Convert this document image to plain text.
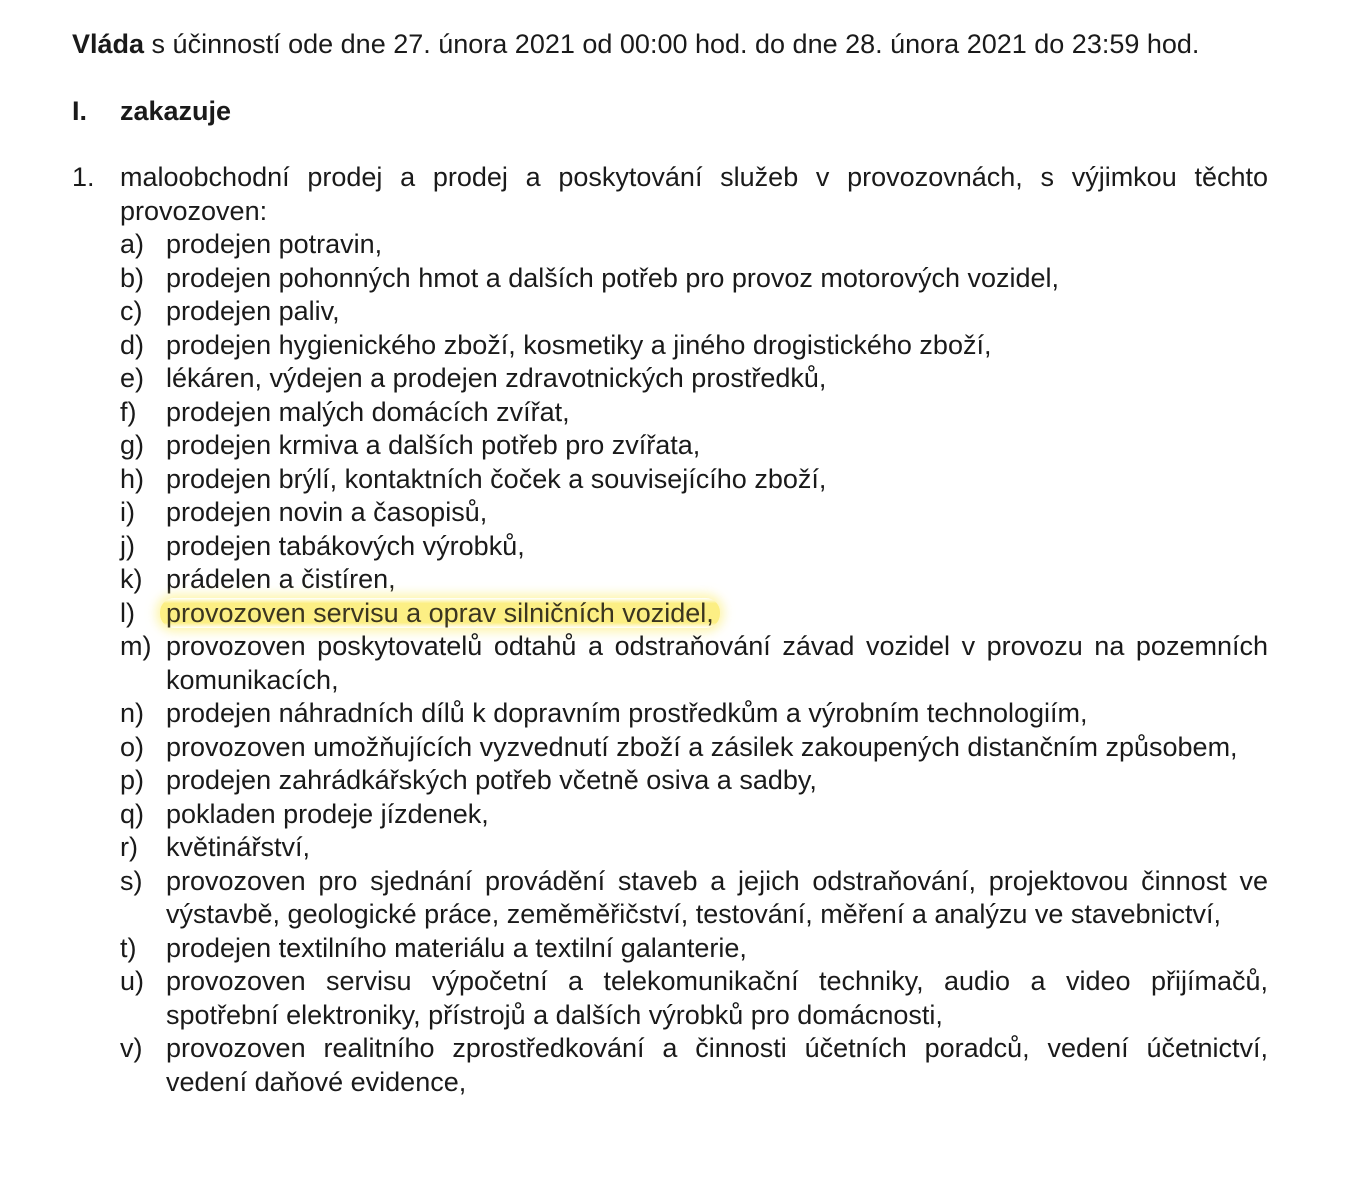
Vláda s účinností ode dne 27. února 2021 od 00:00 hod. do dne 28. února 2021 do 23:59 hod.

I.	zakazuje
1. maloobchodní prodej a prodej a poskytování služeb v provozovnách, s výjimkou těchto provozoven:
a) prodejen potravin,
b) prodejen pohonných hmot a dalších potřeb pro provoz motorových vozidel,
c) prodejen paliv,
d) prodejen hygienického zboží, kosmetiky a jiného drogistického zboží,
e) lékáren, výdejen a prodejen zdravotnických prostředků,
f)	prodejen malých domácích zvířat,
g) prodejen krmiva a dalších potřeb pro zvířata,
h) prodejen brýlí, kontaktních čoček a souvisejícího zboží,
i)	prodejen novin a časopisů,
j)	prodejen tabákových výrobků,
k) prádelen a čistíren,
l)	provozoven servisu a oprav silničních vozidel,
m) provozoven poskytovatelů odtahů a odstraňování závad vozidel v provozu na pozemních komunikacích,
n) prodejen náhradních dílů k dopravním prostředkům a výrobním technologiím,
o) provozoven umožňujících vyzvednutí zboží a zásilek zakoupených distančním způsobem,
p) prodejen zahrádkářských potřeb včetně osiva a sadby,
q) pokladen prodeje jízdenek,
r)	květinářství,
s) provozoven pro sjednání provádění staveb a jejich odstraňování, projektovou činnost ve výstavbě, geologické práce, zeměměřičství, testování, měření a analýzu ve stavebnictví,
t)	prodejen textilního materiálu a textilní galanterie,
u) provozoven servisu výpočetní a telekomunikační techniky, audio a video přijímačů, spotřební elektroniky, přístrojů a dalších výrobků pro domácnosti,
v) provozoven realitního zprostředkování a činnosti účetních poradců, vedení účetnictví, vedení daňové evidence,
